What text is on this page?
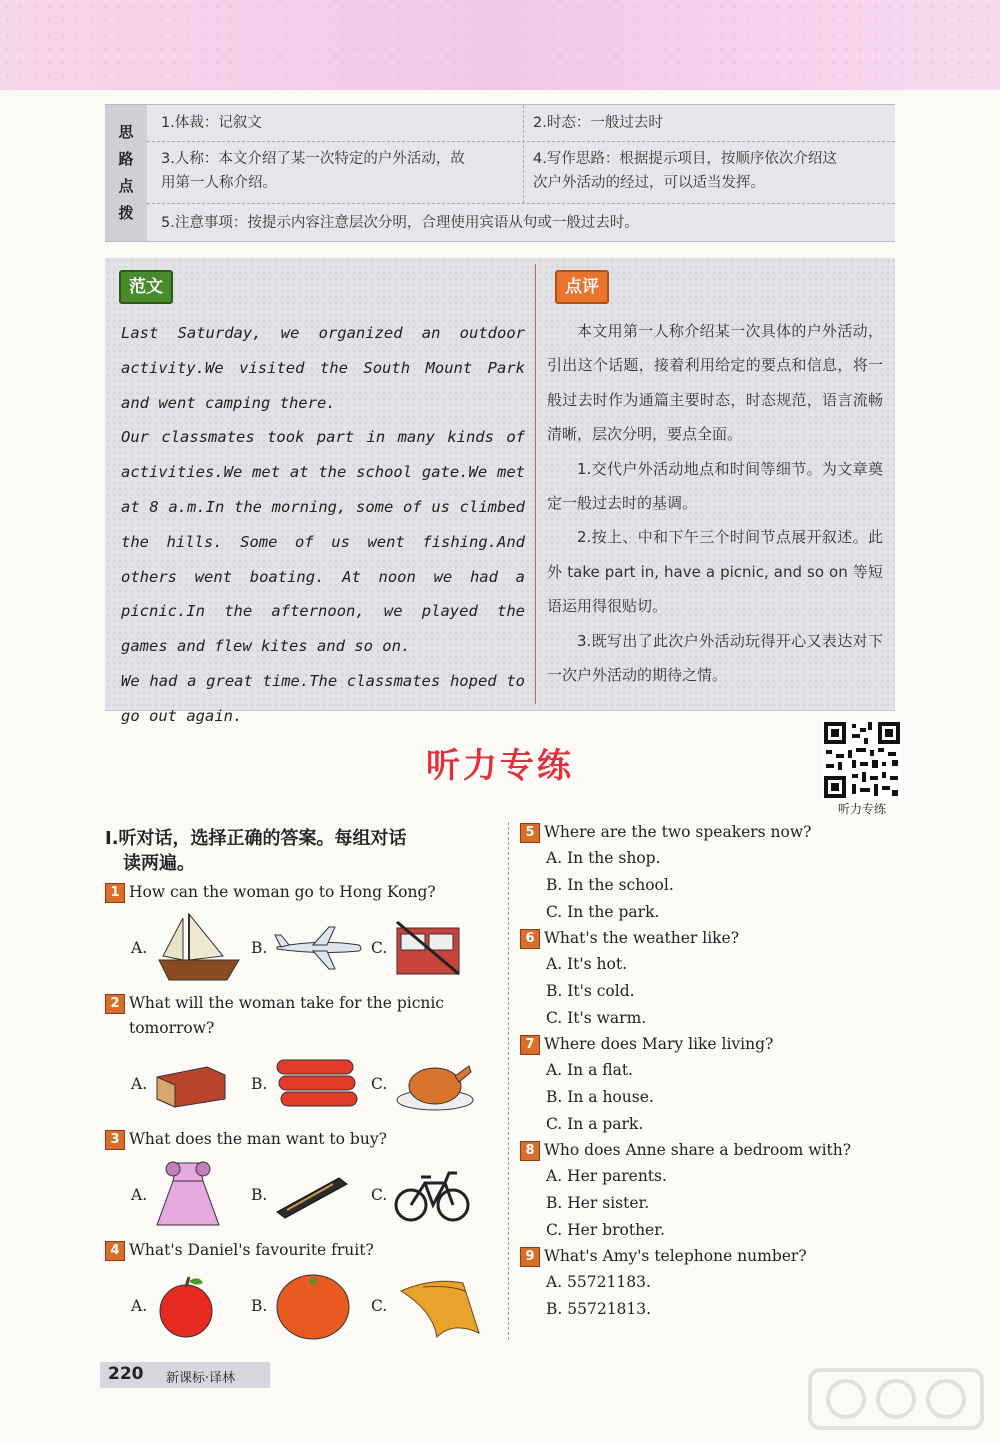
思
路
点
拨
1.体裁：记叙文	2.时态：一般过去时
3.人称：本文介绍了某一次特定的户外活动，故
用第一人称介绍。
4.写作思路：根据提示项目，按顺序依次介绍这
次户外活动的经过，可以适当发挥。
5.注意事项：按提示内容注意层次分明，合理使用宾语从句或一般过去时。
范文	点评

Last Saturday, we organized an outdoor activity.We visited the South Mount Park and went camping there.

Our classmates took part in many kinds of activities.We met at the school gate.We met at 8 a.m.In the morning, some of us climbed the hills. Some of us went fishing.And others went boating. At noon we had a picnic.In the afternoon, we played the games and flew kites and so on.

We had a great time.The classmates hoped to go out again.

本文用第一人称介绍某一次具体的户外活动，引出这个话题，接着利用给定的要点和信息，将一般过去时作为通篇主要时态，时态规范，语言流畅清晰，层次分明，要点全面。

1.交代户外活动地点和时间等细节。为文章奠定一般过去时的基调。

2.按上、中和下午三个时间节点展开叙述。此外 take part in, have a picnic, and so on 等短语运用得很贴切。

3.既写出了此次户外活动玩得开心又表达对下一次户外活动的期待之情。

听力专练
听力专练
Ⅰ.听对话，选择正确的答案。每组对话
读两遍。
1 How can the woman go to Hong Kong?
A.	B.	C.
2 What will the woman take for the picnic tomorrow?
A.	B.	C.
3 What does the man want to buy?
A.	B.	C.
4 What's Daniel's favourite fruit?
A.	B.	C.
5 Where are the two speakers now?
A. In the shop.
B. In the school.
C. In the park.
6 What's the weather like?
A. It's hot.
B. It's cold.
C. It's warm.
7 Where does Mary like living?
A. In a flat.
B. In a house.
C. In a park.
8 Who does Anne share a bedroom with?
A. Her parents.
B. Her sister.
C. Her brother.
9 What's Amy's telephone number?
A. 55721183.
B. 55721813.
220 新课标·译林
